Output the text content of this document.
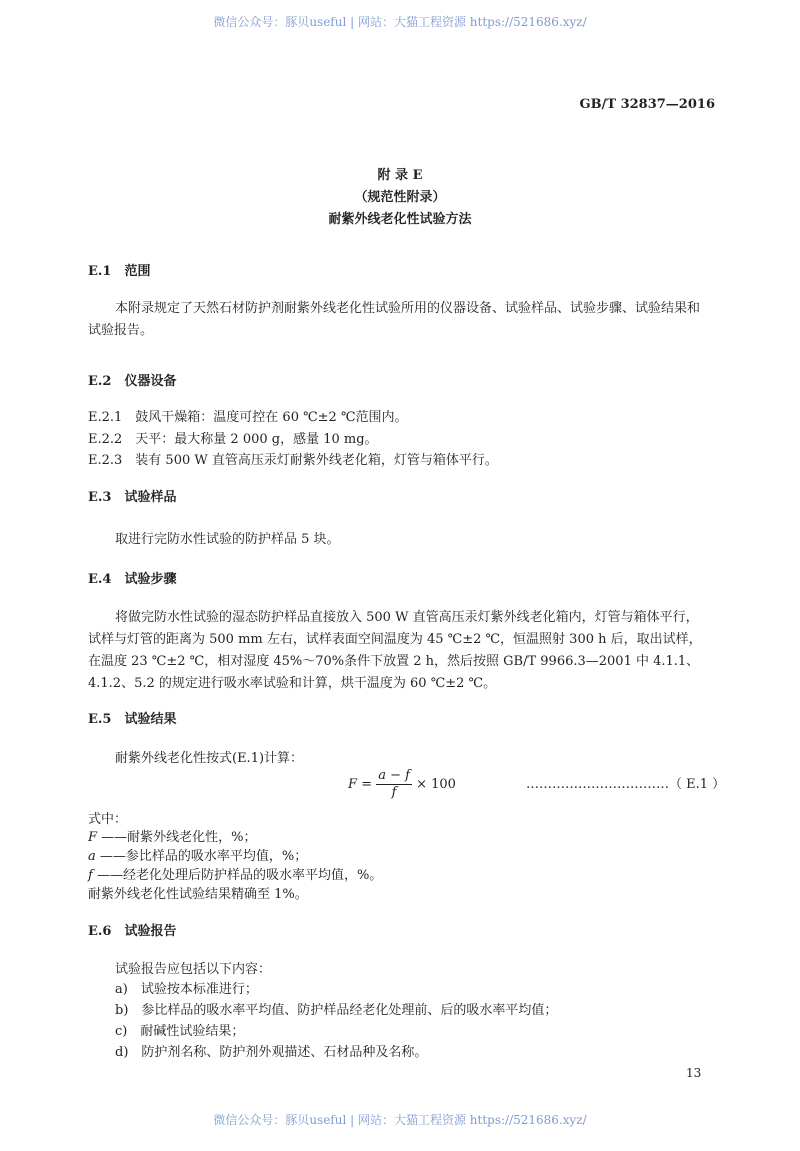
微信公众号：豚贝useful | 网站：大猫工程资源 https://521686.xyz/
GB/T 32837—2016
附 录 E
（规范性附录）
耐紫外线老化性试验方法
E.1　范围
本附录规定了天然石材防护剂耐紫外线老化性试验所用的仪器设备、试验样品、试验步骤、试验结果和试验报告。
E.2　仪器设备
E.2.1　鼓风干燥箱：温度可控在 60 ℃±2 ℃范围内。
E.2.2　天平：最大称量 2 000 g，感量 10 mg。
E.2.3　装有 500 W 直管高压汞灯耐紫外线老化箱，灯管与箱体平行。
E.3　试验样品
取进行完防水性试验的防护样品 5 块。
E.4　试验步骤
将做完防水性试验的湿态防护样品直接放入 500 W 直管高压汞灯紫外线老化箱内，灯管与箱体平行，试样与灯管的距离为 500 mm 左右，试样表面空间温度为 45 ℃±2 ℃，恒温照射 300 h 后，取出试样，在温度 23 ℃±2 ℃，相对湿度 45%～70%条件下放置 2 h，然后按照 GB/T 9966.3—2001 中 4.1.1、4.1.2、5.2 的规定进行吸水率试验和计算，烘干温度为 60 ℃±2 ℃。
E.5　试验结果
耐紫外线老化性按式(E.1)计算：
$F = \frac{a - f}{f} \times 100$	……………………………（ E.1 ）
式中：
F ——耐紫外线老化性，%；
a ——参比样品的吸水率平均值，%；
f ——经老化处理后防护样品的吸水率平均值，%。
耐紫外线老化性试验结果精确至 1%。
E.6　试验报告
试验报告应包括以下内容：
a)　试验按本标准进行；
b)　参比样品的吸水率平均值、防护样品经老化处理前、后的吸水率平均值；
c)　耐碱性试验结果；
d)　防护剂名称、防护剂外观描述、石材品种及名称。
13
微信公众号：豚贝useful | 网站：大猫工程资源 https://521686.xyz/
